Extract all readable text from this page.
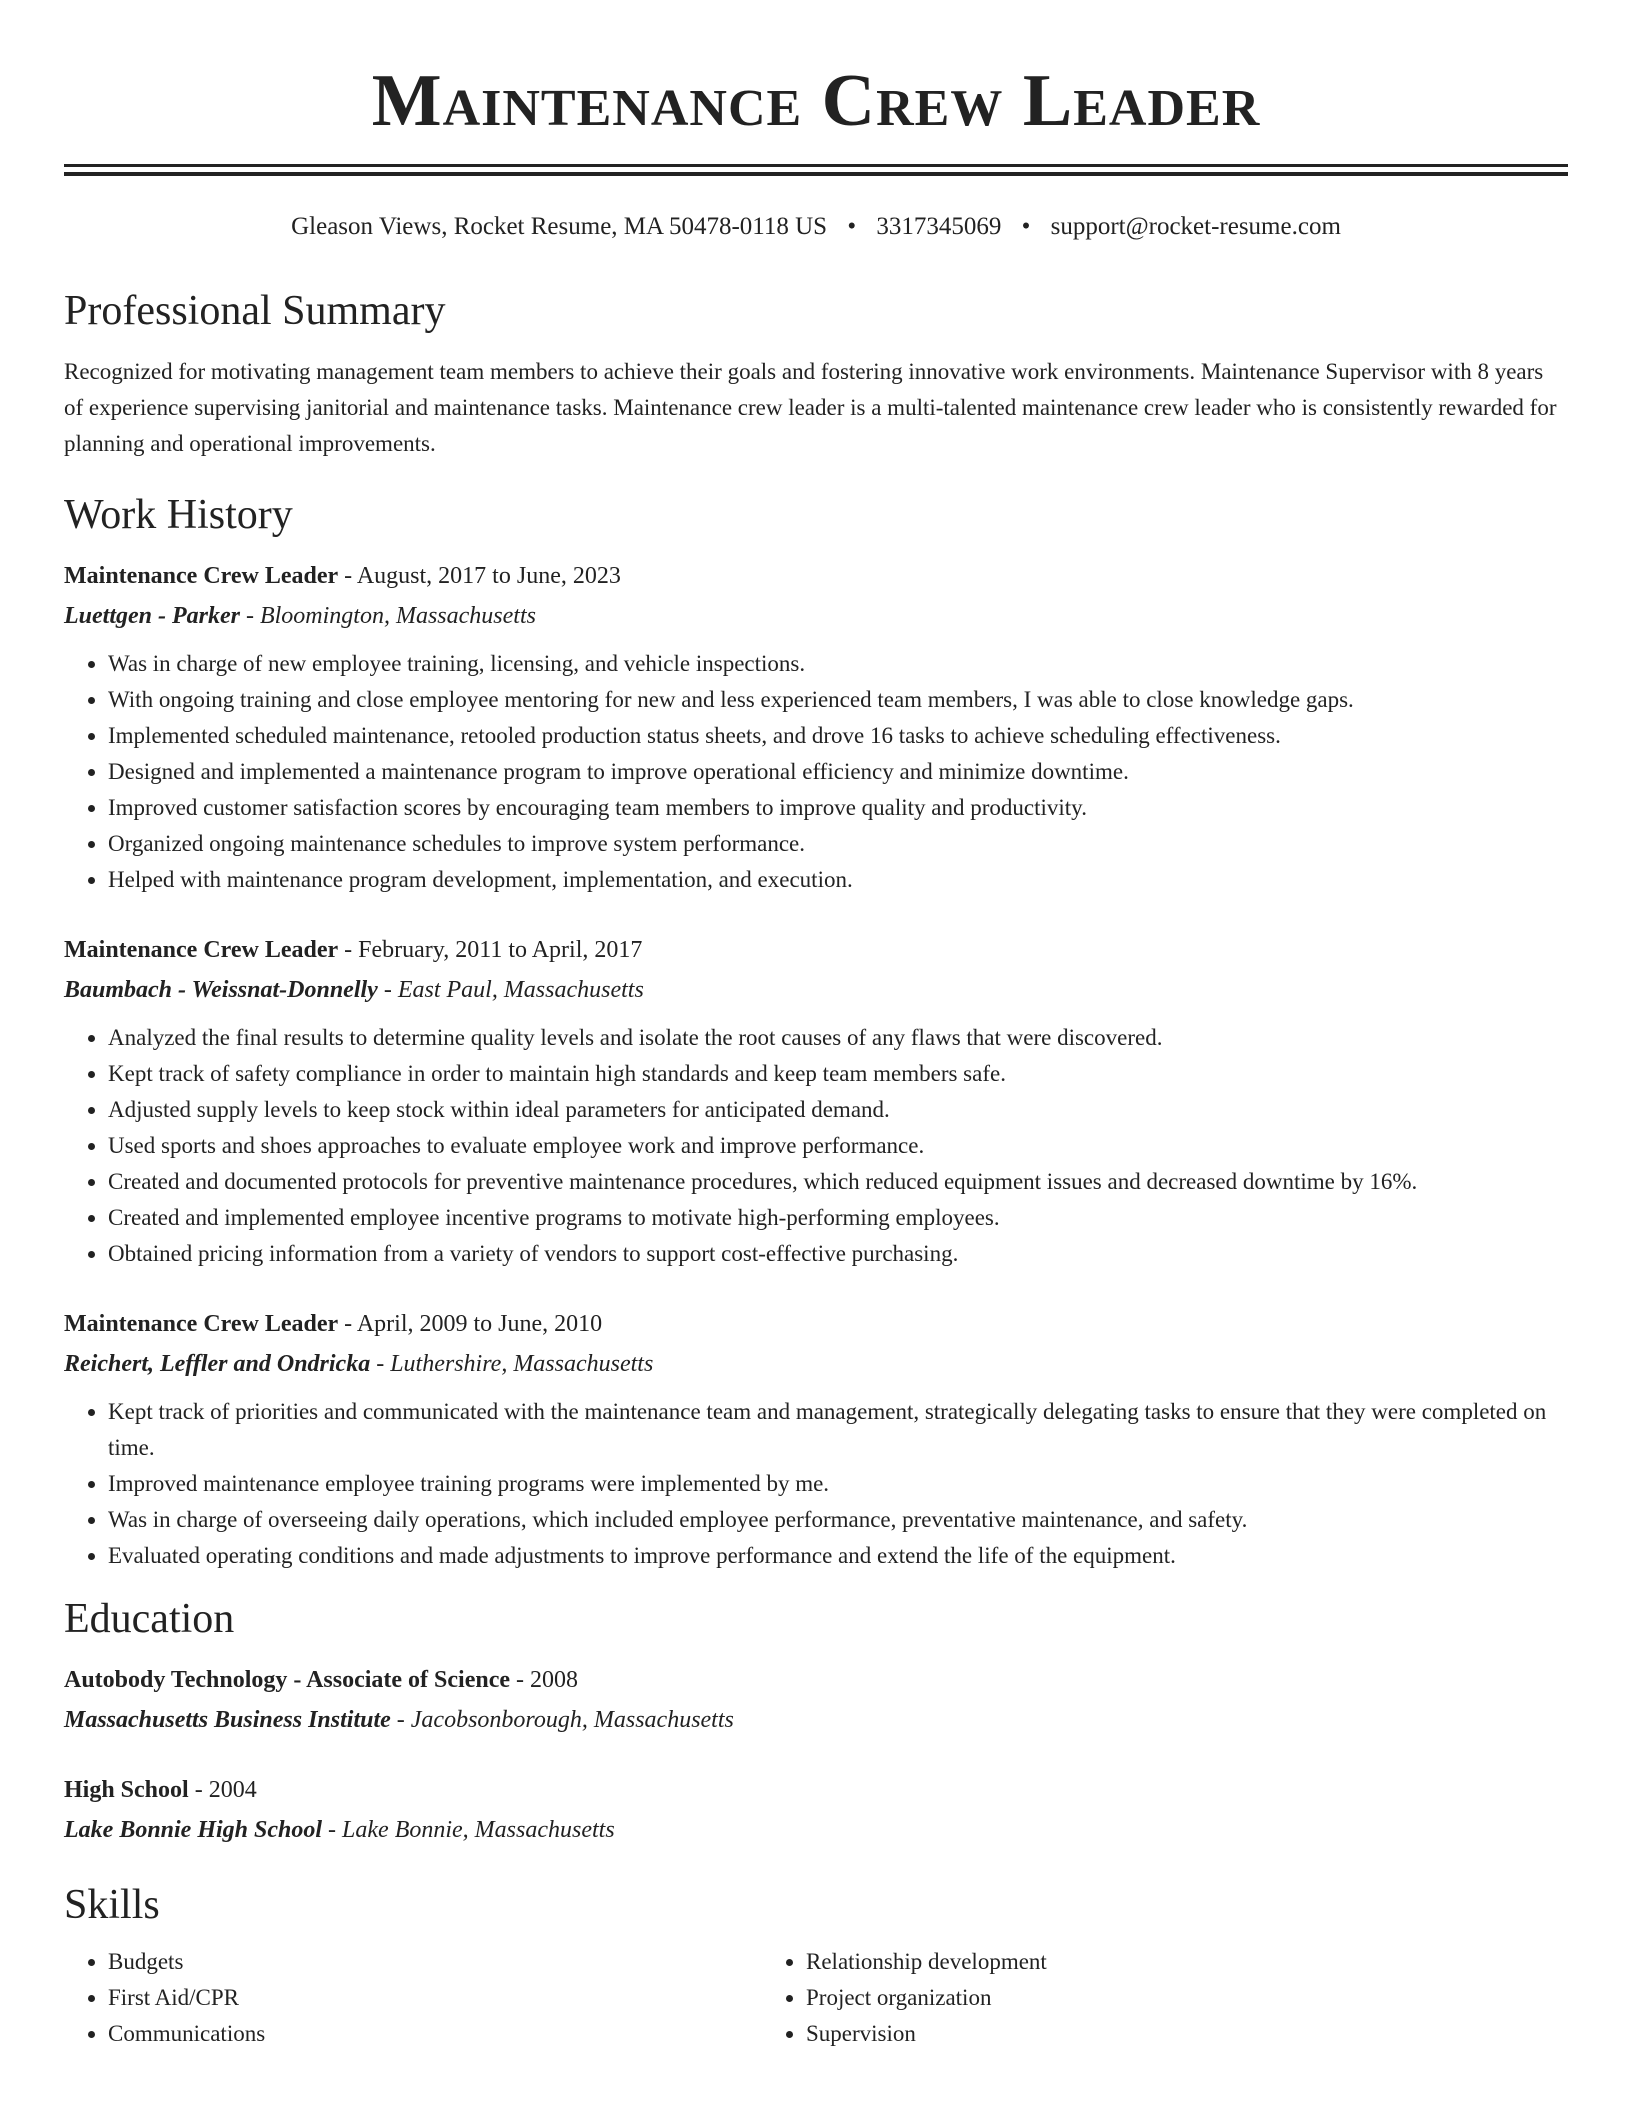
Maintenance Crew Leader
Gleason Views, Rocket Resume, MA 50478-0118 US • 3317345069 • support@rocket-resume.com
Professional Summary

Recognized for motivating management team members to achieve their goals and fostering innovative work environments. Maintenance Supervisor with 8 years of experience supervising janitorial and maintenance tasks. Maintenance crew leader is a multi-talented maintenance crew leader who is consistently rewarded for planning and operational improvements.

Work History
Maintenance Crew Leader - August, 2017 to June, 2023
Luettgen - Parker - Bloomington, Massachusetts
• Was in charge of new employee training, licensing, and vehicle inspections.
• With ongoing training and close employee mentoring for new and less experienced team members, I was able to close knowledge gaps.
• Implemented scheduled maintenance, retooled production status sheets, and drove 16 tasks to achieve scheduling effectiveness.
• Designed and implemented a maintenance program to improve operational efficiency and minimize downtime.
• Improved customer satisfaction scores by encouraging team members to improve quality and productivity.
• Organized ongoing maintenance schedules to improve system performance.
• Helped with maintenance program development, implementation, and execution.
Maintenance Crew Leader - February, 2011 to April, 2017
Baumbach - Weissnat-Donnelly - East Paul, Massachusetts
• Analyzed the final results to determine quality levels and isolate the root causes of any flaws that were discovered.
• Kept track of safety compliance in order to maintain high standards and keep team members safe.
• Adjusted supply levels to keep stock within ideal parameters for anticipated demand.
• Used sports and shoes approaches to evaluate employee work and improve performance.
• Created and documented protocols for preventive maintenance procedures, which reduced equipment issues and decreased downtime by 16%.
• Created and implemented employee incentive programs to motivate high-performing employees.
• Obtained pricing information from a variety of vendors to support cost-effective purchasing.
Maintenance Crew Leader - April, 2009 to June, 2010
Reichert, Leffler and Ondricka - Luthershire, Massachusetts
• Kept track of priorities and communicated with the maintenance team and management, strategically delegating tasks to ensure that they were completed on time.
• Improved maintenance employee training programs were implemented by me.
• Was in charge of overseeing daily operations, which included employee performance, preventative maintenance, and safety.
• Evaluated operating conditions and made adjustments to improve performance and extend the life of the equipment.
Education
Autobody Technology - Associate of Science - 2008
Massachusetts Business Institute - Jacobsonborough, Massachusetts
High School - 2004
Lake Bonnie High School - Lake Bonnie, Massachusetts
Skills
• Budgets
• First Aid/CPR
• Communications
• Relationship development
• Project organization
• Supervision
